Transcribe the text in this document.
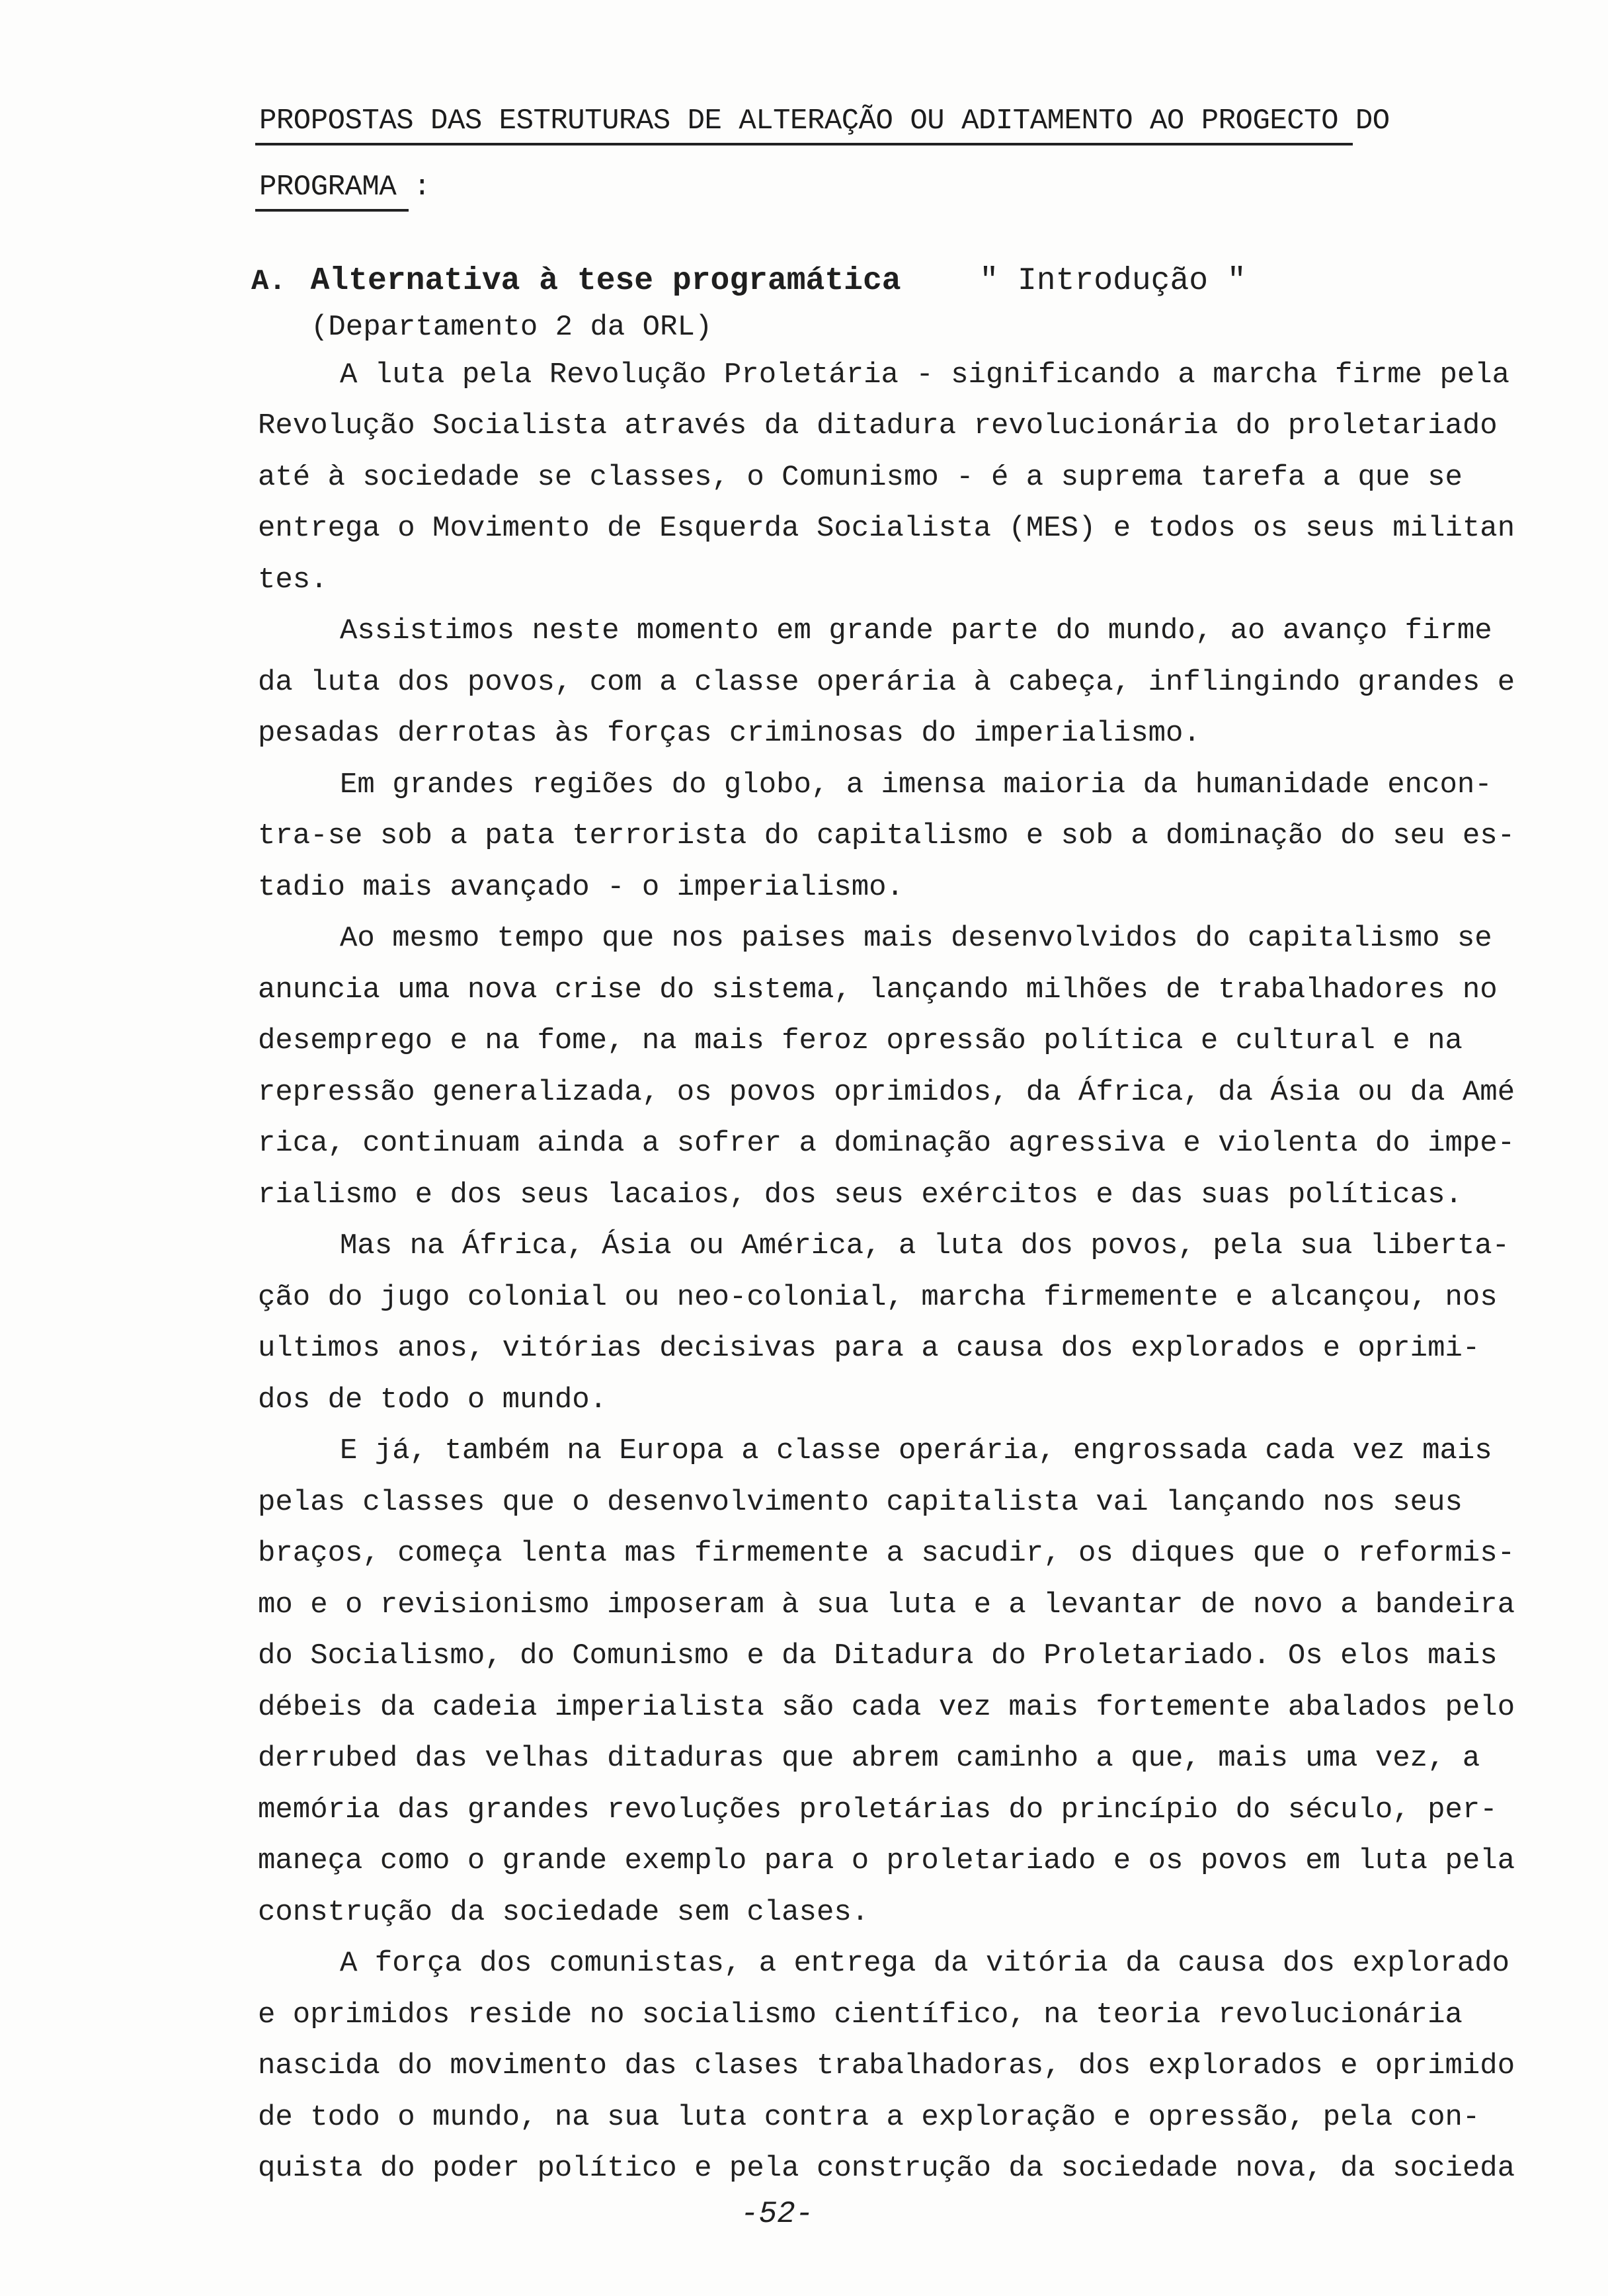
PROPOSTAS DAS ESTRUTURAS DE ALTERAÇÃO OU ADITAMENTO AO PROGECTO DO
PROGRAMA :
A. Alternativa à tese programática " Introdução "
(Departamento 2 da ORL)
A luta pela Revolução Proletária - significando a marcha firme pela
Revolução Socialista através da ditadura revolucionária do proletariado
até à sociedade se classes, o Comunismo - é a suprema tarefa a que se
entrega o Movimento de Esquerda Socialista (MES) e todos os seus militan
tes.
Assistimos neste momento em grande parte do mundo, ao avanço firme
da luta dos povos, com a classe operária à cabeça, inflingindo grandes e
pesadas derrotas às forças criminosas do imperialismo.
Em grandes regiões do globo, a imensa maioria da humanidade encon-
tra-se sob a pata terrorista do capitalismo e sob a dominação do seu es-
tadio mais avançado - o imperialismo.
Ao mesmo tempo que nos paises mais desenvolvidos do capitalismo se
anuncia uma nova crise do sistema, lançando milhões de trabalhadores no
desemprego e na fome, na mais feroz opressão política e cultural e na
repressão generalizada, os povos oprimidos, da África, da Ásia ou da Amé
rica, continuam ainda a sofrer a dominação agressiva e violenta do impe-
rialismo e dos seus lacaios, dos seus exércitos e das suas políticas.
Mas na África, Ásia ou América, a luta dos povos, pela sua liberta-
ção do jugo colonial ou neo-colonial, marcha firmemente e alcançou, nos
ultimos anos, vitórias decisivas para a causa dos explorados e oprimi-
dos de todo o mundo.
E já, também na Europa a classe operária, engrossada cada vez mais
pelas classes que o desenvolvimento capitalista vai lançando nos seus
braços, começa lenta mas firmemente a sacudir, os diques que o reformis-
mo e o revisionismo imposeram à sua luta e a levantar de novo a bandeira
do Socialismo, do Comunismo e da Ditadura do Proletariado. Os elos mais
débeis da cadeia imperialista são cada vez mais fortemente abalados pelo
derrubed das velhas ditaduras que abrem caminho a que, mais uma vez, a
memória das grandes revoluções proletárias do princípio do século, per-
maneça como o grande exemplo para o proletariado e os povos em luta pela
construção da sociedade sem clases.
A força dos comunistas, a entrega da vitória da causa dos explorado
e oprimidos reside no socialismo científico, na teoria revolucionária
nascida do movimento das clases trabalhadoras, dos explorados e oprimido
de todo o mundo, na sua luta contra a exploração e opressão, pela con-
quista do poder político e pela construção da sociedade nova, da socieda
-52-
